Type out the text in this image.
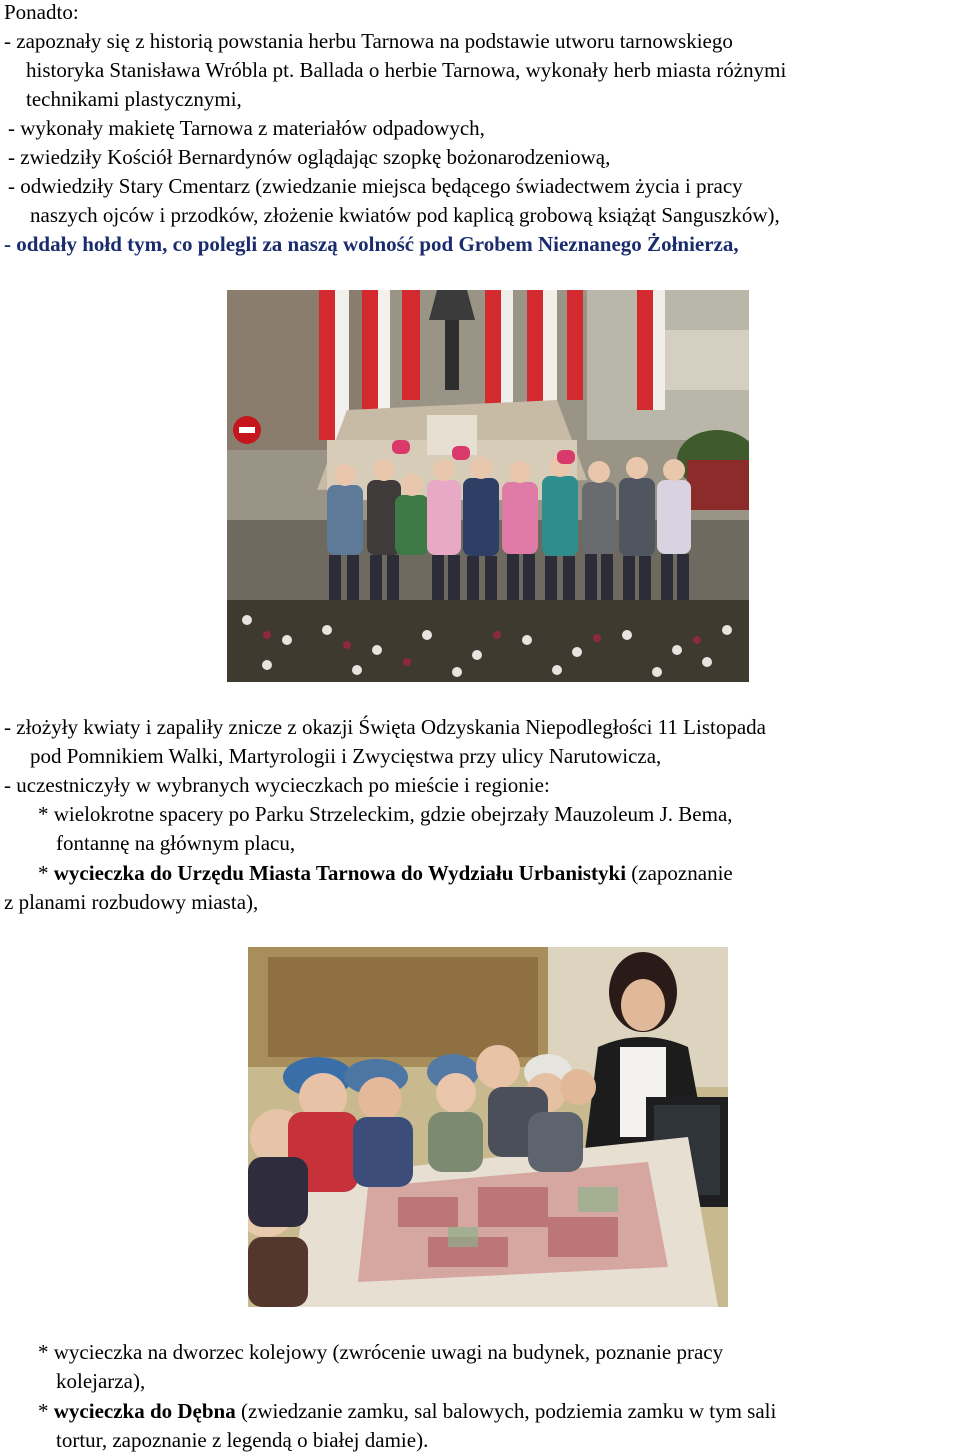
Ponadto:
- zapoznały się z historią powstania herbu Tarnowa na podstawie utworu tarnowskiego
historyka Stanisława Wróbla pt. Ballada o herbie Tarnowa, wykonały herb miasta różnymi
technikami plastycznymi,
- wykonały makietę Tarnowa z materiałów odpadowych,
- zwiedziły Kościół Bernardynów oglądając szopkę bożonarodzeniową,
- odwiedziły Stary Cmentarz (zwiedzanie miejsca będącego świadectwem życia i pracy
naszych ojców i przodków, złożenie kwiatów pod kaplicą grobową książąt Sanguszków),
- oddały hołd tym, co polegli za naszą wolność pod Grobem Nieznanego Żołnierza,
- złożyły kwiaty i zapaliły znicze z okazji Święta Odzyskania Niepodległości 11 Listopada
pod Pomnikiem Walki, Martyrologii i Zwycięstwa przy ulicy Narutowicza,
- uczestniczyły w wybranych wycieczkach po mieście i regionie:
* wielokrotne spacery po Parku Strzeleckim, gdzie obejrzały Mauzoleum J. Bema,
fontannę na głównym placu,
* wycieczka do Urzędu Miasta Tarnowa do Wydziału Urbanistyki (zapoznanie
z planami rozbudowy miasta),
* wycieczka na dworzec kolejowy (zwrócenie uwagi na budynek, poznanie pracy
kolejarza),
* wycieczka do Dębna (zwiedzanie zamku, sal balowych, podziemia zamku w tym sali
tortur, zapoznanie z legendą o białej damie).
